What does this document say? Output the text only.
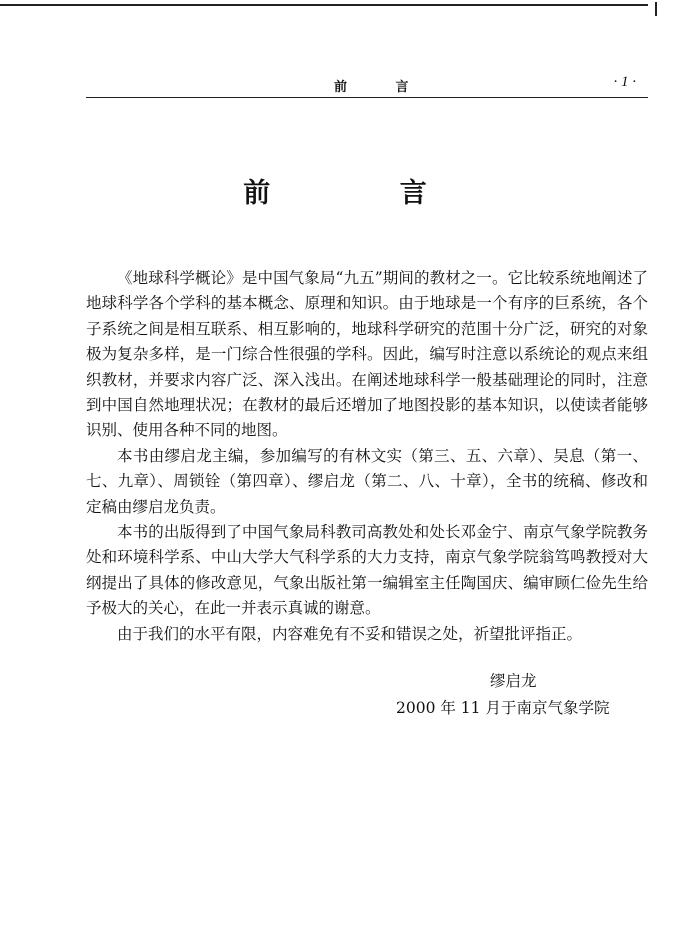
前 言	· 1 ·
前 言

《地球科学概论》是中国气象局“九五”期间的教材之一。它比较系统地阐述了地球科学各个学科的基本概念、原理和知识。由于地球是一个有序的巨系统，各个子系统之间是相互联系、相互影响的，地球科学研究的范围十分广泛，研究的对象极为复杂多样，是一门综合性很强的学科。因此，编写时注意以系统论的观点来组织教材，并要求内容广泛、深入浅出。在阐述地球科学一般基础理论的同时，注意到中国自然地理状况；在教材的最后还增加了地图投影的基本知识，以使读者能够识别、使用各种不同的地图。

本书由缪启龙主编，参加编写的有林文实（第三、五、六章）、吴息（第一、七、九章）、周锁铨（第四章）、缪启龙（第二、八、十章），全书的统稿、修改和定稿由缪启龙负责。

本书的出版得到了中国气象局科教司高教处和处长邓金宁、南京气象学院教务处和环境科学系、中山大学大气科学系的大力支持，南京气象学院翁笃鸣教授对大纲提出了具体的修改意见，气象出版社第一编辑室主任陶国庆、编审顾仁俭先生给予极大的关心，在此一并表示真诚的谢意。

由于我们的水平有限，内容难免有不妥和错误之处，祈望批评指正。

缪启龙
2000 年 11 月于南京气象学院
